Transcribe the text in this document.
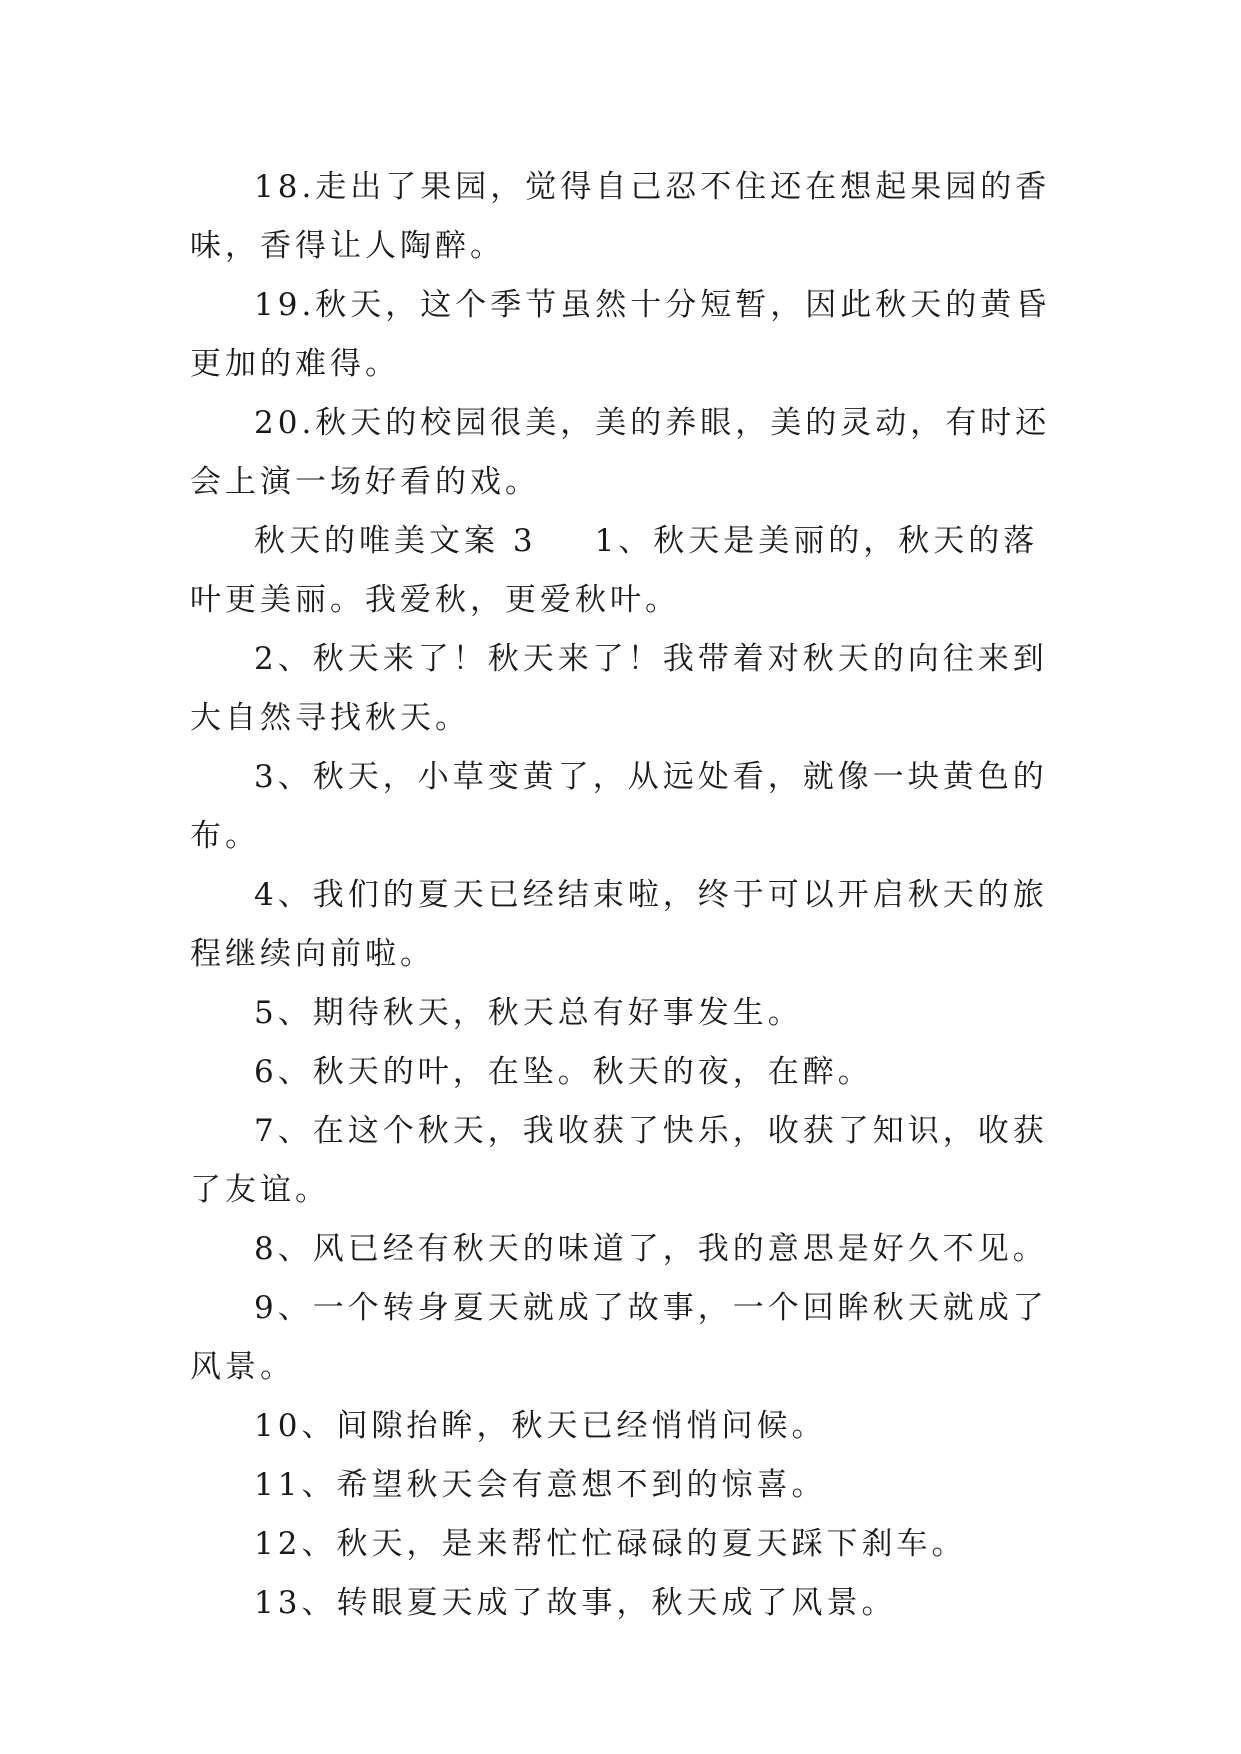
18.走出了果园，觉得自己忍不住还在想起果园的香味，香得让人陶醉。

19.秋天，这个季节虽然十分短暂，因此秋天的黄昏更加的难得。

20.秋天的校园很美，美的养眼，美的灵动，有时还会上演一场好看的戏。

秋天的唯美文案 3 1、秋天是美丽的，秋天的落叶更美丽。我爱秋，更爱秋叶。

2、秋天来了！秋天来了！我带着对秋天的向往来到大自然寻找秋天。

3、秋天，小草变黄了，从远处看，就像一块黄色的布。

4、我们的夏天已经结束啦，终于可以开启秋天的旅程继续向前啦。

5、期待秋天，秋天总有好事发生。

6、秋天的叶，在坠。秋天的夜，在醉。

7、在这个秋天，我收获了快乐，收获了知识，收获了友谊。

8、风已经有秋天的味道了，我的意思是好久不见。

9、一个转身夏天就成了故事，一个回眸秋天就成了风景。

10、间隙抬眸，秋天已经悄悄问候。

11、希望秋天会有意想不到的惊喜。

12、秋天，是来帮忙忙碌碌的夏天踩下刹车。

13、转眼夏天成了故事，秋天成了风景。
